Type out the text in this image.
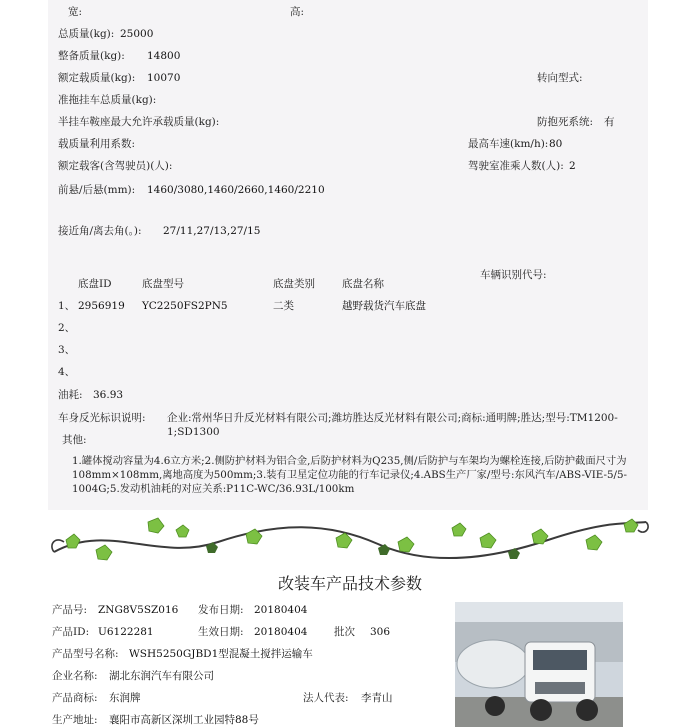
宽:	高:
总质量(kg): 25000
整备质量(kg): 14800
额定载质量(kg): 10070	转向型式:
准拖挂车总质量(kg):
半挂车鞍座最大允许承载质量(kg):	防抱死系统: 有
载质量利用系数:	最高车速(km/h): 80
额定载客(含驾驶员)(人):	驾驶室准乘人数(人): 2
前悬/后悬(mm): 1460/3080,1460/2660,1460/2210
接近角/离去角(。): 27/11,27/13,27/15
底盘ID	底盘型号	底盘类别	底盘名称
车辆识别代号:
1、 2956919 YC2250FS2PN5	二类	越野载货汽车底盘
2、
3、
4、
油耗: 36.93
车身反光标识说明: 企业:常州华日升反光材料有限公司;潍坊胜达反光材料有限公司;商标:通明牌;胜达;型号:TM1200-1;SD1300
其他:
1.罐体搅动容量为4.6立方米;2.侧防护材料为铝合金,后防护材料为Q235,侧/后防护与车架均为螺栓连接,后防护截面尺寸为108mm×108mm,离地高度为500mm;3.装有卫星定位功能的行车记录仪;4.ABS生产厂家/型号:东风汽车/ABS-VIE-5/5-1004G;5.发动机油耗的对应关系:P11C-WC/36.93L/100km
改装车产品技术参数
产品号: ZNG8V5SZ016 发布日期: 20180404
产品ID: U6122281	生效日期: 20180404	批次 306
产品型号名称: WSH5250GJBD1型混凝土搅拌运输车
企业名称: 湖北东润汽车有限公司
产品商标: 东润牌	法人代表: 李青山
生产地址: 襄阳市高新区深圳工业园特88号
